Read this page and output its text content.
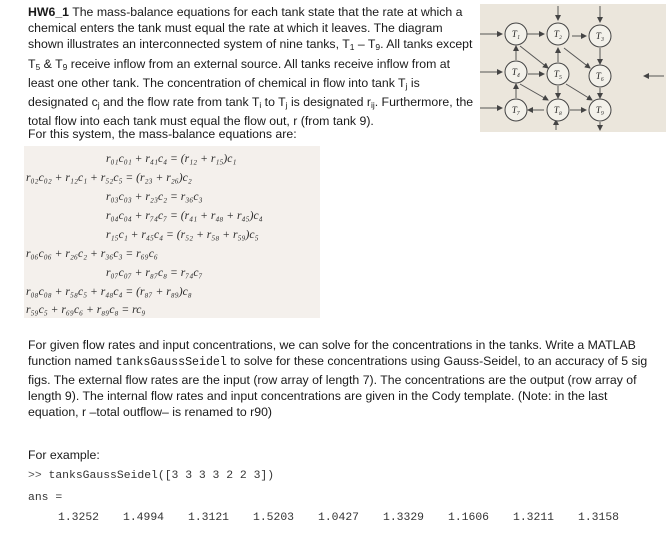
HW6_1 The mass-balance equations for each tank state that the rate at which a chemical enters the tank must equal the rate at which it leaves. The diagram shown illustrates an interconnected system of nine tanks, $T_1 - T_9$. All tanks except $T_5$ & $T_9$ receive inflow from an external source. All tanks receive inflow from at least one other tank. The concentration of chemical in flow into tank $T_j$ is designated $c_j$ and the flow rate from tank $T_i$ to $T_j$ is designated $r_{ij}$. Furthermore, the total flow into each tank must equal the flow out, r (from tank 9).
T₁	T₂	T₃
T₄	T₅	T₆
T₇	T₈	T₉
For this system, the mass-balance equations are:
r₀₁c₀₁ + r₄₁c₄ = (r₁₂ + r₁₅)c₁
r₀₂c₀₂ + r₁₂c₁ + r₅₂c₅ = (r₂₃ + r₂₆)c₂
r₀₃c₀₃ + r₂₃c₂ = r₃₆c₃
r₀₄c₀₄ + r₇₄c₇ = (r₄₁ + r₄₈ + r₄₅)c₄
r₁₅c₁ + r₄₅c₄ = (r₅₂ + r₅₈ + r₅₉)c₅
r₀₆c₀₆ + r₂₆c₂ + r₃₆c₃ = r₆₉c₆
r₀₇c₀₇ + r₈₇c₈ = r₇₄c₇
r₀₈c₀₈ + r₅₈c₅ + r₄₈c₄ = (r₈₇ + r₈₉)c₈
r₅₉c₅ + r₆₉c₆ + r₈₉c₈ = rc₉
For given flow rates and input concentrations, we can solve for the concentrations in the tanks. Write a MATLAB function named tanksGaussSeidel to solve for these concentrations using Gauss-Seidel, to an accuracy of 5 sig figs. The external flow rates are the input (row array of length 7). The concentrations are the output (row array of length 9). The internal flow rates and input concentrations are given in the Cody template. (Note: in the last equation, r –total outflow– is renamed to r90)
For example:
>> tanksGaussSeidel([3 3 3 3 2 2 3])
ans =
1.3252 1.4994 1.3121 1.5203 1.0427 1.3329 1.1606 1.3211 1.3158
